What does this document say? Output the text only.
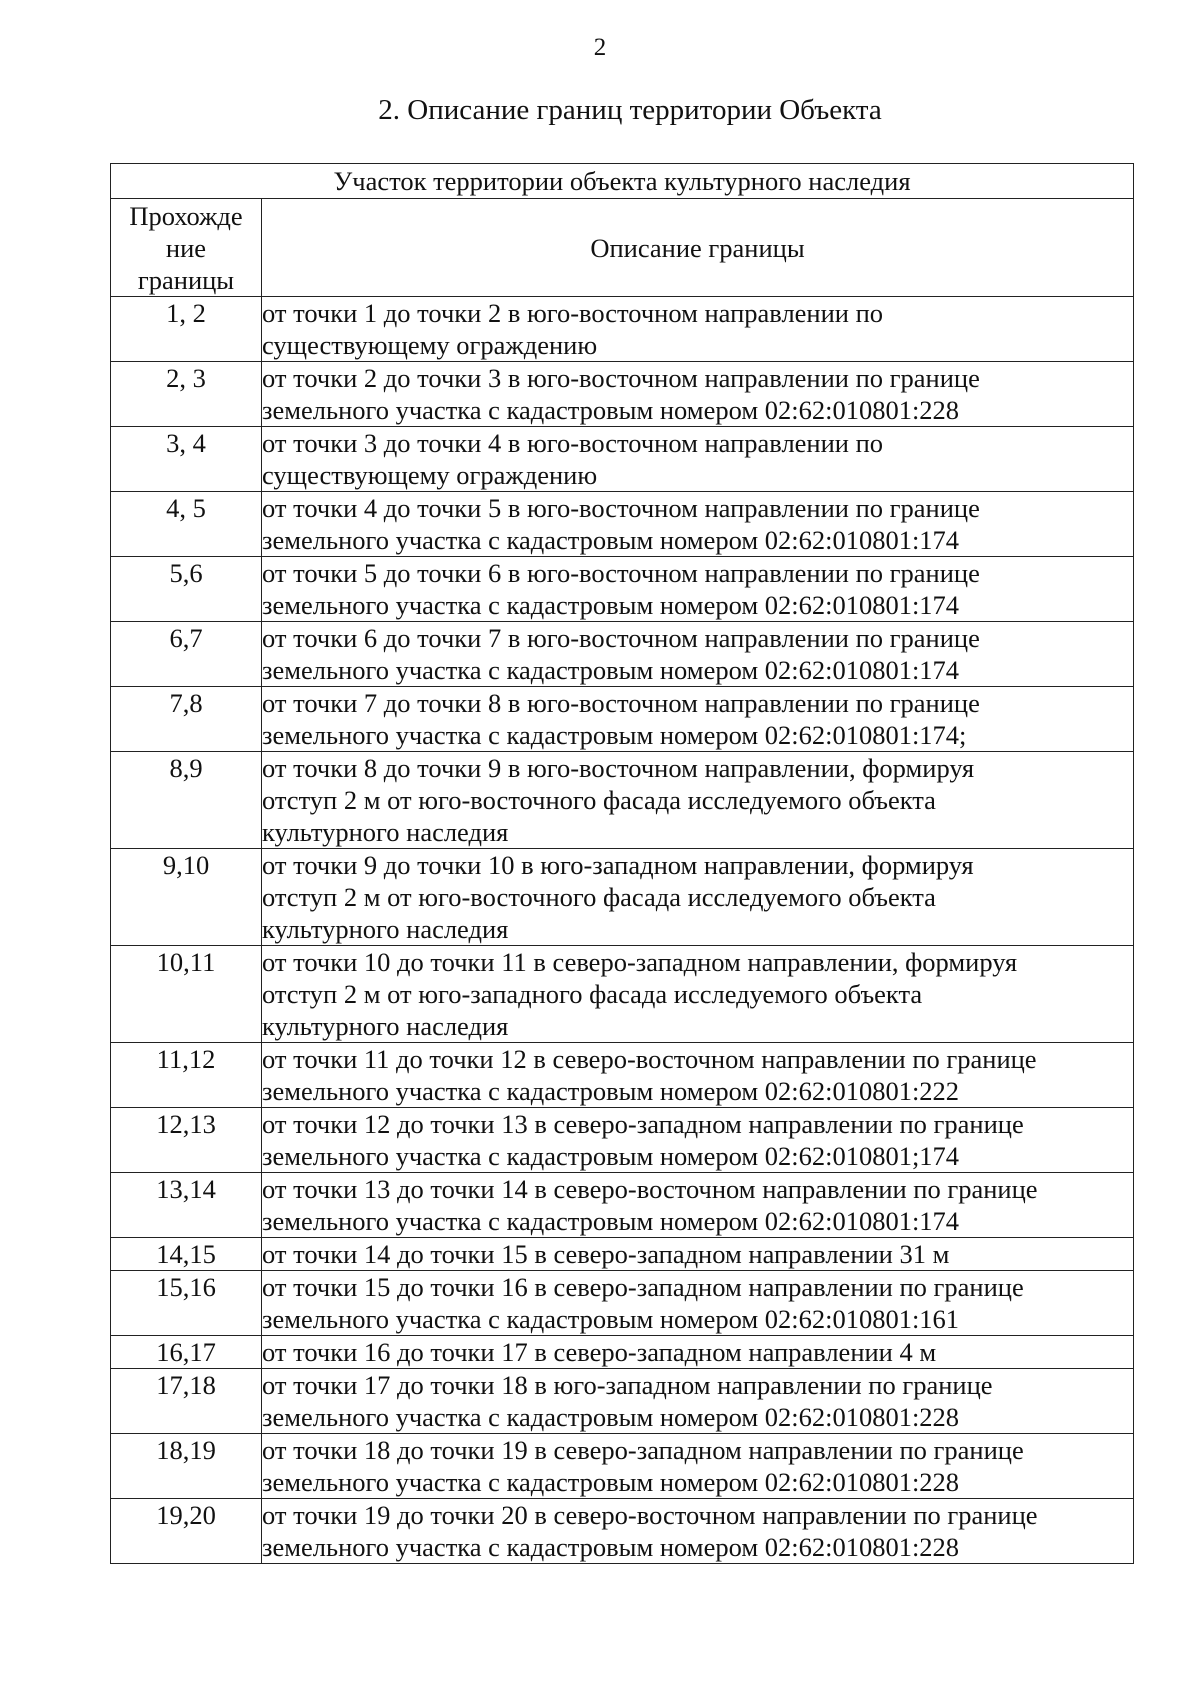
2
2. Описание границ территории Объекта
Участок территории объекта культурного наследия	

Прохожде
ние
границы	Описание границы
1, 2	от точки 1 до точки 2 в юго-восточном направлении по
существующему ограждению

2, 3	от точки 2 до точки 3 в юго-восточном направлении по границе
земельного участка с кадастровым номером 02:62:010801:228

3, 4	от точки 3 до точки 4 в юго-восточном направлении по
существующему ограждению

4, 5	от точки 4 до точки 5 в юго-восточном направлении по границе
земельного участка с кадастровым номером 02:62:010801:174

5,6	от точки 5 до точки 6 в юго-восточном направлении по границе
земельного участка с кадастровым номером 02:62:010801:174

6,7	от точки 6 до точки 7 в юго-восточном направлении по границе
земельного участка с кадастровым номером 02:62:010801:174

7,8	от точки 7 до точки 8 в юго-восточном направлении по границе
земельного участка с кадастровым номером 02:62:010801:174;

8,9	от точки 8 до точки 9 в юго-восточном направлении, формируя
отступ 2 м от юго-восточного фасада исследуемого объекта
культурного наследия

9,10	от точки 9 до точки 10 в юго-западном направлении, формируя
отступ 2 м от юго-восточного фасада исследуемого объекта
культурного наследия

10,11	от точки 10 до точки 11 в северо-западном направлении, формируя
отступ 2 м от юго-западного фасада исследуемого объекта
культурного наследия

11,12	от точки 11 до точки 12 в северо-восточном направлении по границе
земельного участка с кадастровым номером 02:62:010801:222

12,13	от точки 12 до точки 13 в северо-западном направлении по границе
земельного участка с кадастровым номером 02:62:010801;174

13,14	от точки 13 до точки 14 в северо-восточном направлении по границе
земельного участка с кадастровым номером 02:62:010801:174

14,15	от точки 14 до точки 15 в северо-западном направлении 31 м

15,16	от точки 15 до точки 16 в северо-западном направлении по границе
земельного участка с кадастровым номером 02:62:010801:161

16,17	от точки 16 до точки 17 в северо-западном направлении 4 м

17,18	от точки 17 до точки 18 в юго-западном направлении по границе
земельного участка с кадастровым номером 02:62:010801:228

18,19	от точки 18 до точки 19 в северо-западном направлении по границе
земельного участка с кадастровым номером 02:62:010801:228

19,20	от точки 19 до точки 20 в северо-восточном направлении по границе
земельного участка с кадастровым номером 02:62:010801:228
